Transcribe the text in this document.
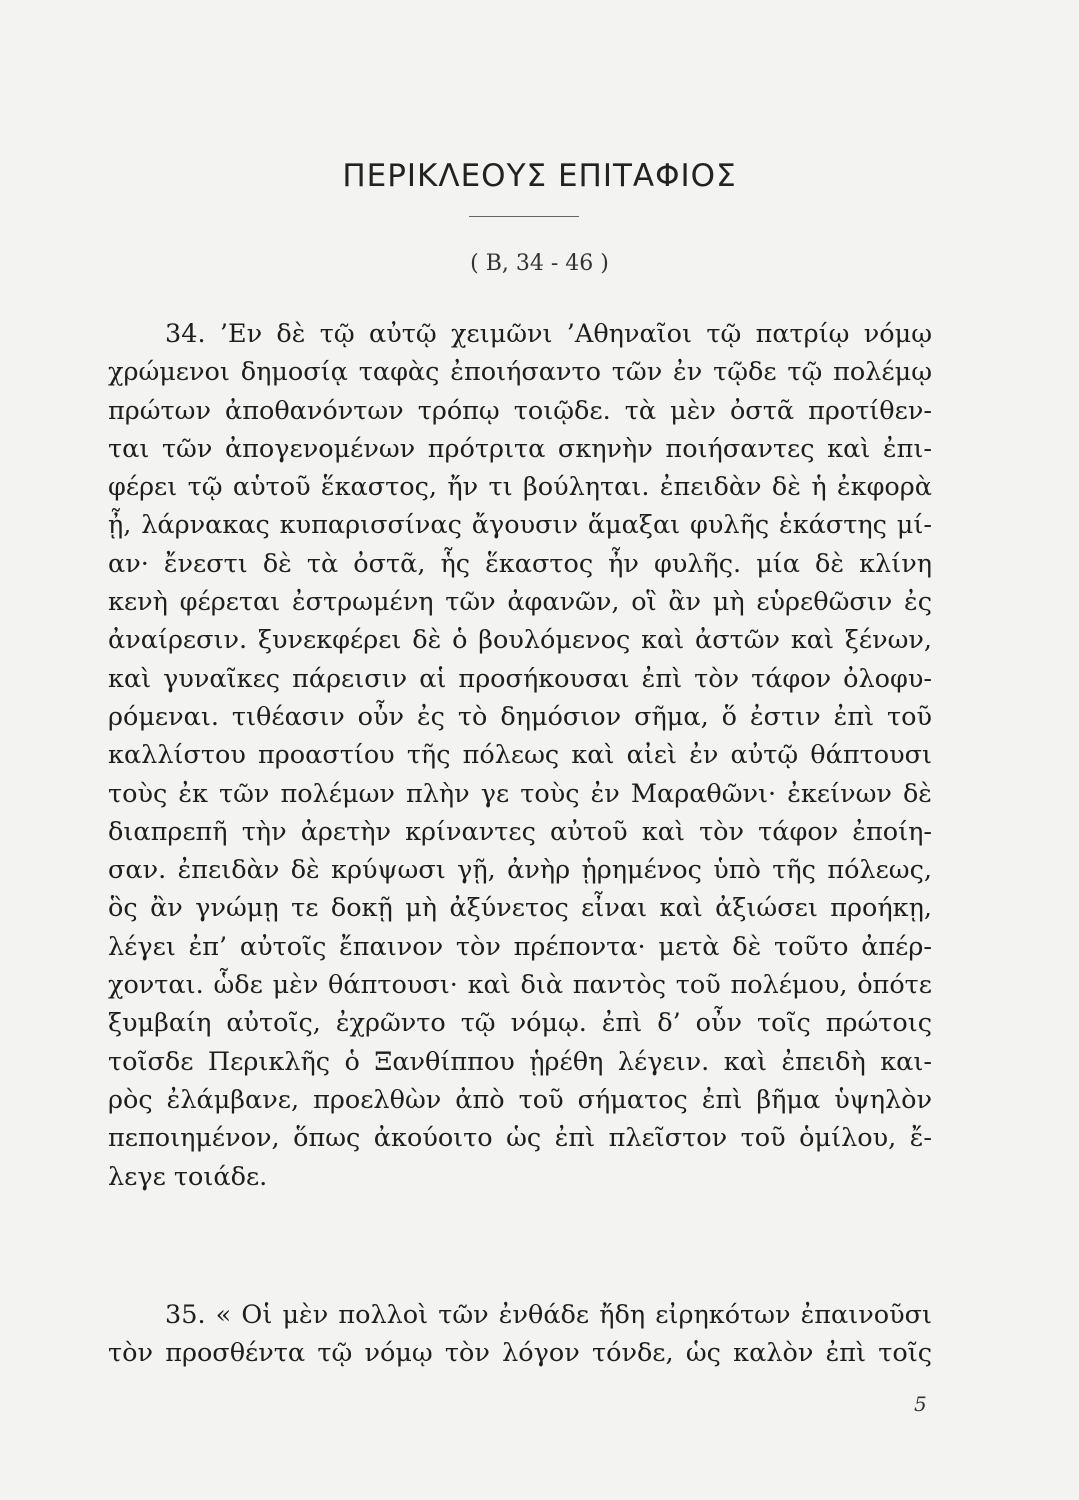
ΠΕΡΙΚΛΕΟΥΣ ΕΠΙΤΑΦΙΟΣ
( Β, 34 - 46 )
34. ’Εν δὲ τῷ αὐτῷ χειμῶνι ’Αθηναῖοι τῷ πατρίῳ νόμῳ
χρώμενοι δημοσίᾳ ταφὰς ἐποιήσαντο τῶν ἐν τῷδε τῷ πολέμῳ
πρώτων ἀποθανόντων τρόπῳ τοιῷδε. τὰ μὲν ὀστᾶ προτίθεν-
ται τῶν ἀπογενομένων πρότριτα σκηνὴν ποιήσαντες καὶ ἐπι-
φέρει τῷ αὑτοῦ ἕκαστος, ἤν τι βούληται. ἐπειδὰν δὲ ἡ ἐκφορὰ
ᾖ, λάρνακας κυπαρισσίνας ἄγουσιν ἅμαξαι φυλῆς ἑκάστης μί-
αν· ἔνεστι δὲ τὰ ὀστᾶ, ἧς ἕκαστος ἦν φυλῆς. μία δὲ κλίνη
κενὴ φέρεται ἐστρωμένη τῶν ἀφανῶν, οἳ ἂν μὴ εὑρεθῶσιν ἐς
ἀναίρεσιν. ξυνεκφέρει δὲ ὁ βουλόμενος καὶ ἀστῶν καὶ ξένων,
καὶ γυναῖκες πάρεισιν αἱ προσήκουσαι ἐπὶ τὸν τάφον ὀλοφυ-
ρόμεναι. τιθέασιν οὖν ἐς τὸ δημόσιον σῆμα, ὅ ἐστιν ἐπὶ τοῦ
καλλίστου προαστίου τῆς πόλεως καὶ αἰεὶ ἐν αὐτῷ θάπτουσι
τοὺς ἐκ τῶν πολέμων πλὴν γε τοὺς ἐν Μαραθῶνι· ἐκείνων δὲ
διαπρεπῆ τὴν ἀρετὴν κρίναντες αὐτοῦ καὶ τὸν τάφον ἐποίη-
σαν. ἐπειδὰν δὲ κρύψωσι γῇ, ἀνὴρ ᾑρημένος ὑπὸ τῆς πόλεως,
ὃς ἂν γνώμῃ τε δοκῇ μὴ ἀξύνετος εἶναι καὶ ἀξιώσει προήκῃ,
λέγει ἐπ’ αὐτοῖς ἔπαινον τὸν πρέποντα· μετὰ δὲ τοῦτο ἀπέρ-
χονται. ὧδε μὲν θάπτουσι· καὶ διὰ παντὸς τοῦ πολέμου, ὁπότε
ξυμβαίη αὐτοῖς, ἐχρῶντο τῷ νόμῳ. ἐπὶ δ’ οὖν τοῖς πρώτοις
τοῖσδε Περικλῆς ὁ Ξανθίππου ᾑρέθη λέγειν. καὶ ἐπειδὴ και-
ρὸς ἐλάμβανε, προελθὼν ἀπὸ τοῦ σήματος ἐπὶ βῆμα ὑψηλὸν
πεποιημένον, ὅπως ἀκούοιτο ὡς ἐπὶ πλεῖστον τοῦ ὁμίλου, ἔ-
λεγε τοιάδε.
35. « Οἱ μὲν πολλοὶ τῶν ἐνθάδε ἤδη εἰρηκότων ἐπαινοῦσι
τὸν προσθέντα τῷ νόμῳ τὸν λόγον τόνδε, ὡς καλὸν ἐπὶ τοῖς
5
